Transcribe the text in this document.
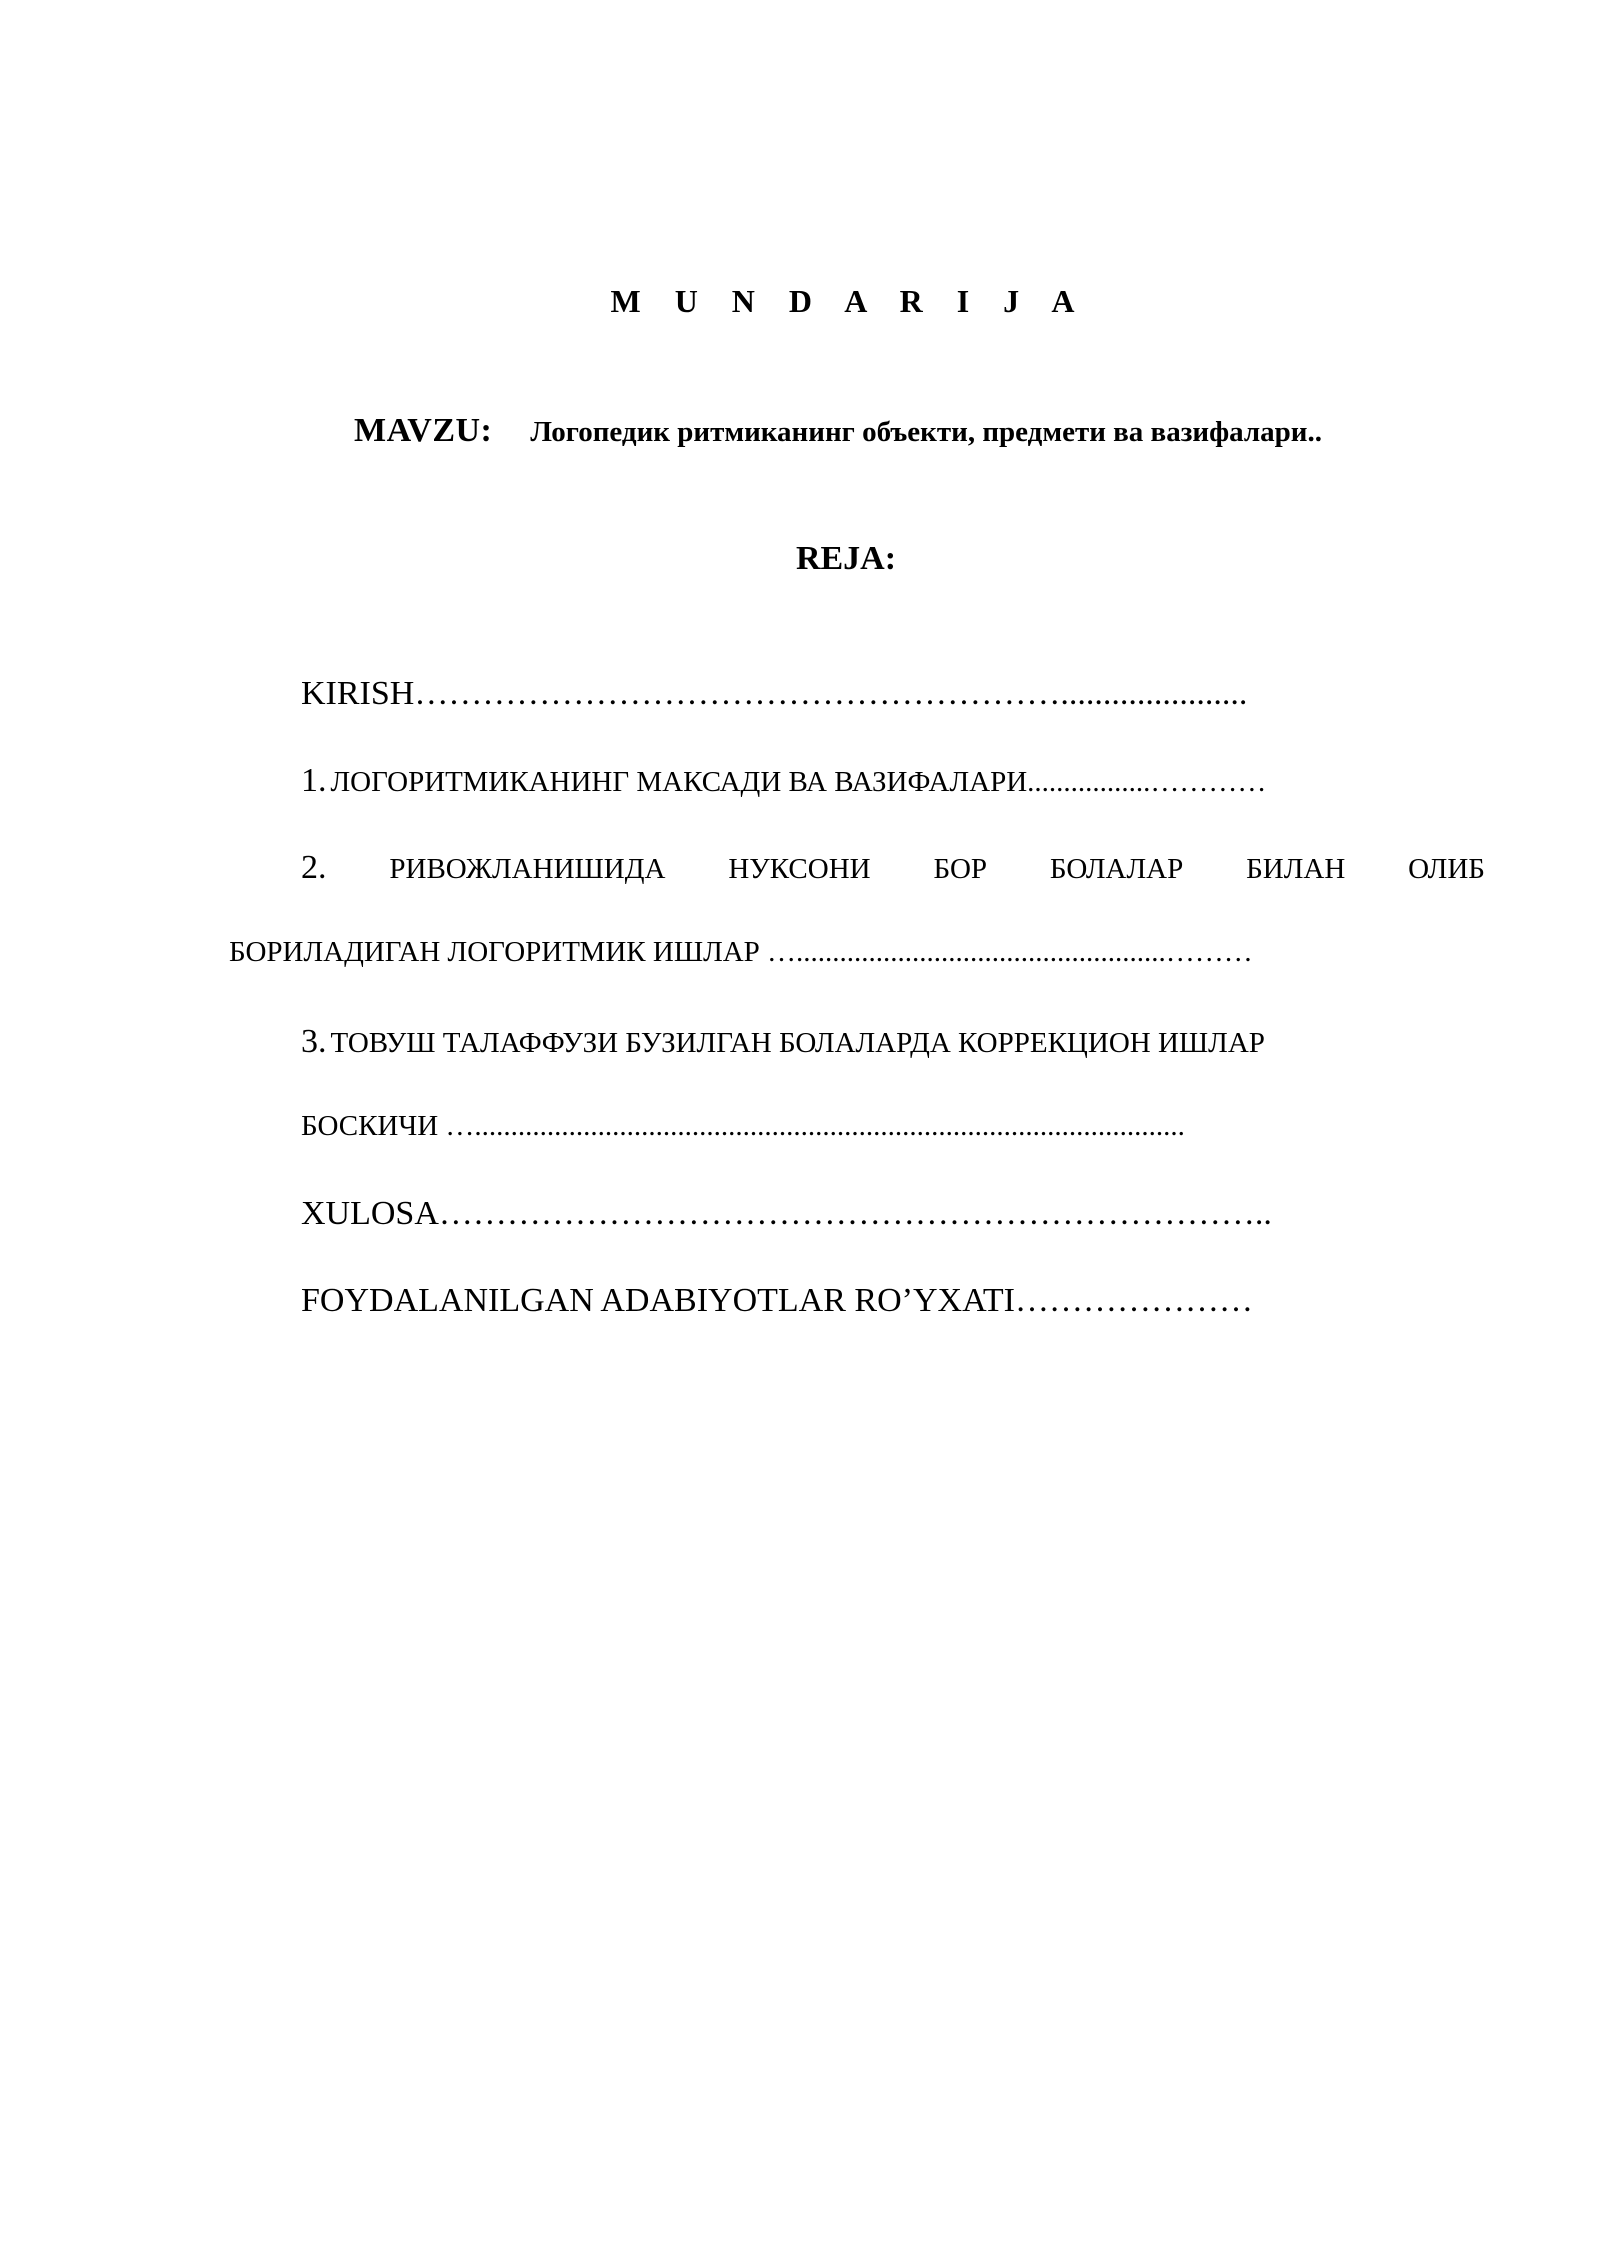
M U N D A R I J A
MAVZU: Логопедик ритмиканинг объекти, предмети ва вазифалари..
REJA:
KIRISH…………………………………………………......................
1. ЛОГОРИТМИКАНИНГ МАКСАДИ ВА ВАЗИФАЛАРИ.................…………
2. РИВОЖЛАНИШИДА НУКСОНИ БОР БОЛАЛАР БИЛАН ОЛИБ
БОРИЛАДИГАН ЛОГОРИТМИК ИШЛАР …...................................................………
3. ТОВУШ ТАЛАФФУЗИ БУЗИЛГАН БОЛАЛАРДА КОРРЕКЦИОН ИШЛАР
БОСКИЧИ …..................................................................................................
XULOSA………………………………………………………………..
FOYDALANILGAN ADABIYOTLAR RO’YXATI…………………
